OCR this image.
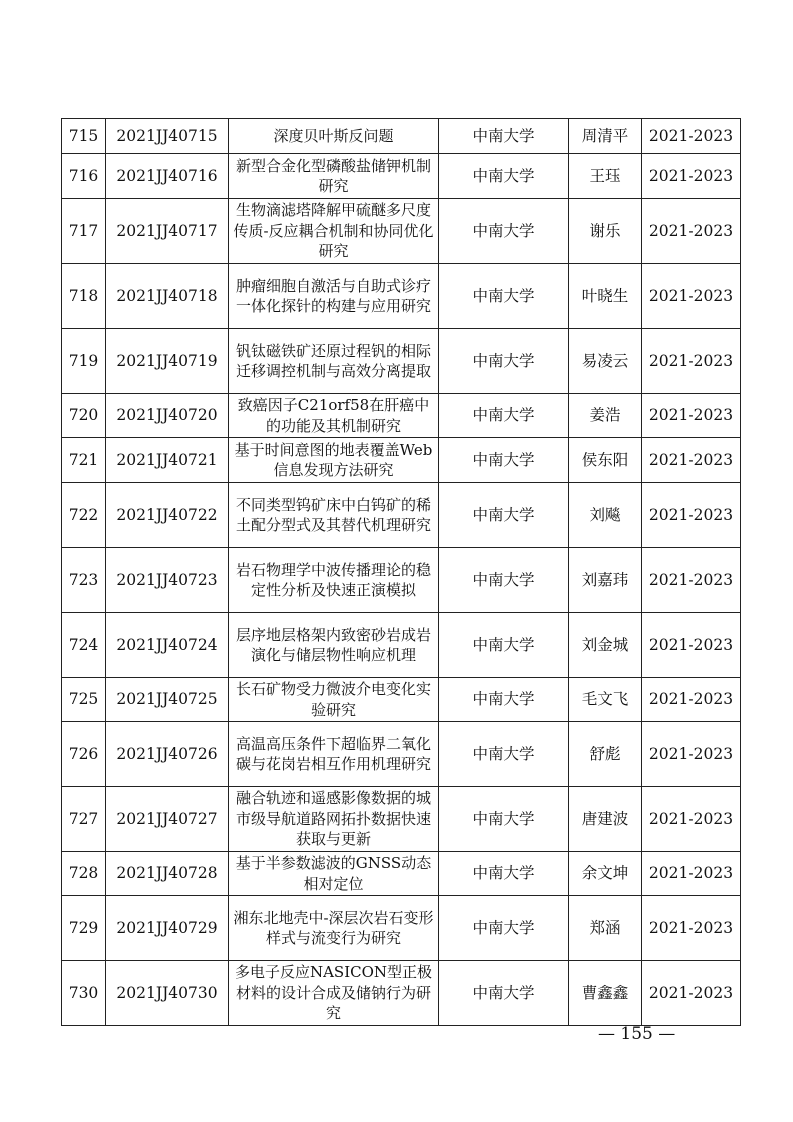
715	2021JJ40715	深度贝叶斯反问题	中南大学	周清平	2021-2023
716	2021JJ40716	新型合金化型磷酸盐储钾机制研究	中南大学	王珏	2021-2023
717	2021JJ40717	生物滴滤塔降解甲硫醚多尺度传质-反应耦合机制和协同优化研究	中南大学	谢乐	2021-2023
718	2021JJ40718	肿瘤细胞自激活与自助式诊疗一体化探针的构建与应用研究	中南大学	叶晓生	2021-2023
719	2021JJ40719	钒钛磁铁矿还原过程钒的相际迁移调控机制与高效分离提取	中南大学	易凌云	2021-2023
720	2021JJ40720	致癌因子C21orf58在肝癌中的功能及其机制研究	中南大学	姜浩	2021-2023
721	2021JJ40721	基于时间意图的地表覆盖Web信息发现方法研究	中南大学	侯东阳	2021-2023
722	2021JJ40722	不同类型钨矿床中白钨矿的稀土配分型式及其替代机理研究	中南大学	刘飚	2021-2023
723	2021JJ40723	岩石物理学中波传播理论的稳定性分析及快速正演模拟	中南大学	刘嘉玮	2021-2023
724	2021JJ40724	层序地层格架内致密砂岩成岩演化与储层物性响应机理	中南大学	刘金城	2021-2023
725	2021JJ40725	长石矿物受力微波介电变化实验研究	中南大学	毛文飞	2021-2023
726	2021JJ40726	高温高压条件下超临界二氧化碳与花岗岩相互作用机理研究	中南大学	舒彪	2021-2023
727	2021JJ40727	融合轨迹和遥感影像数据的城市级导航道路网拓扑数据快速获取与更新	中南大学	唐建波	2021-2023
728	2021JJ40728	基于半参数滤波的GNSS动态相对定位	中南大学	余文坤	2021-2023
729	2021JJ40729	湘东北地壳中-深层次岩石变形样式与流变行为研究	中南大学	郑涵	2021-2023
730	2021JJ40730	多电子反应NASICON型正极材料的设计合成及储钠行为研究	中南大学	曹鑫鑫	2021-2023
— 155 —
